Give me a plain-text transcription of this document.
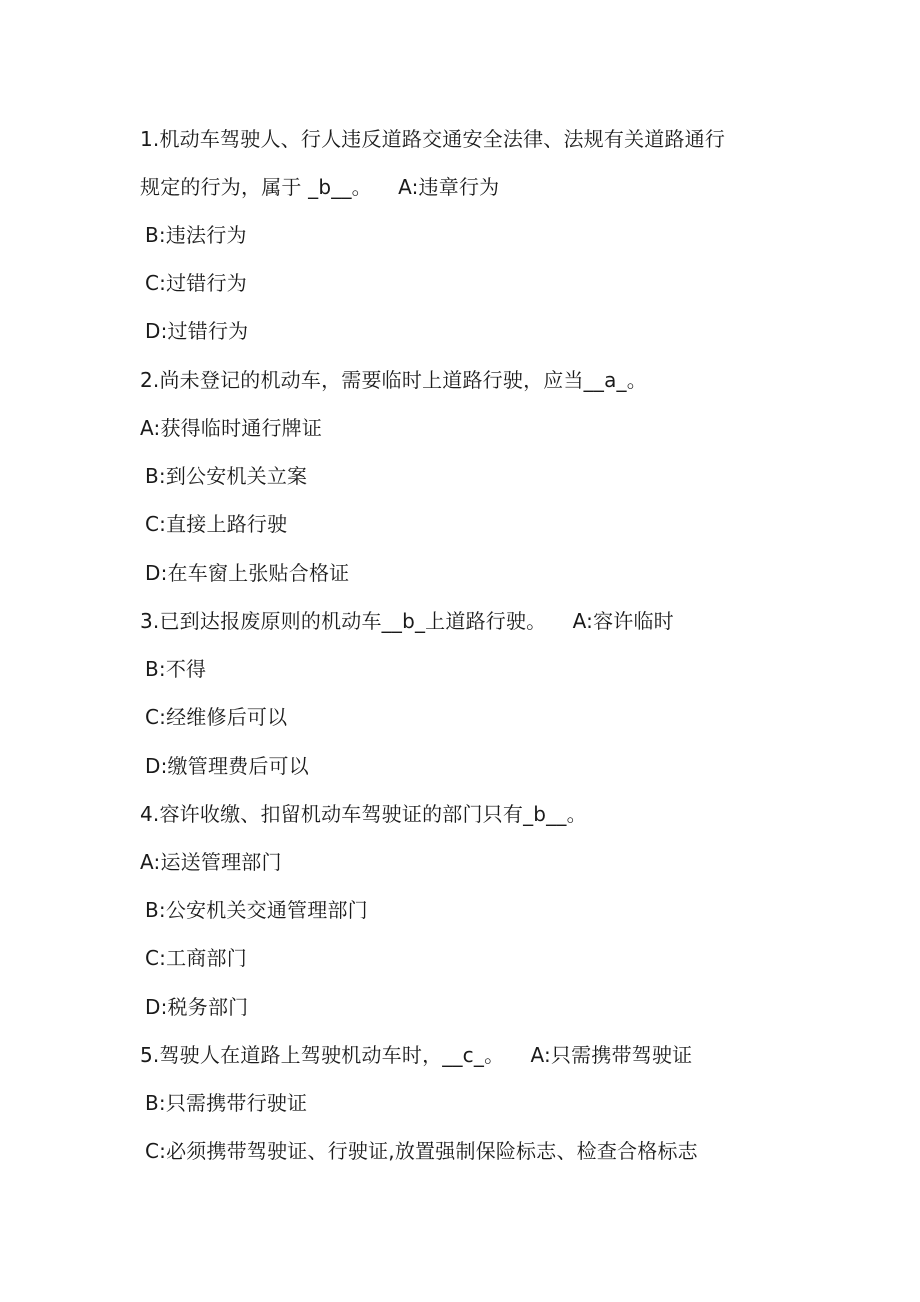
1.机动车驾驶人、行人违反道路交通安全法律、法规有关道路通行
规定的行为，属于 _b__。    A:违章行为
B:违法行为
C:过错行为
D:过错行为
2.尚未登记的机动车，需要临时上道路行驶，应当__a_。
A:获得临时通行牌证
B:到公安机关立案
C:直接上路行驶
D:在车窗上张贴合格证
3.已到达报废原则的机动车__b_上道路行驶。    A:容许临时
B:不得
C:经维修后可以
D:缴管理费后可以
4.容许收缴、扣留机动车驾驶证的部门只有_b__。
A:运送管理部门
B:公安机关交通管理部门
C:工商部门
D:税务部门
5.驾驶人在道路上驾驶机动车时，__c_。    A:只需携带驾驶证
B:只需携带行驶证
C:必须携带驾驶证、行驶证,放置强制保险标志、检查合格标志
